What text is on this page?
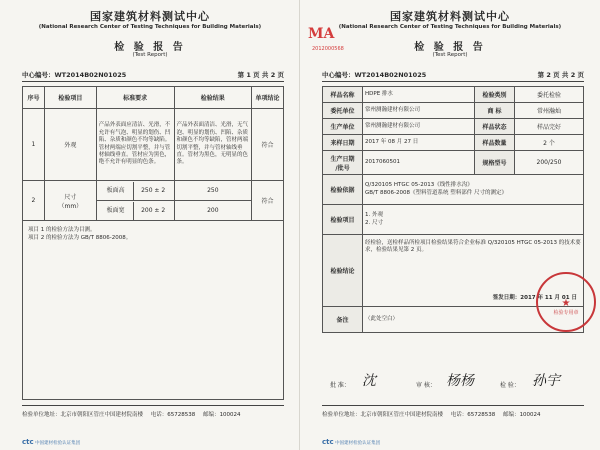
国家建筑材料测试中心
(National Research Center of Testing Techniques for Building Materials)
检 验 报 告
(Test Report)
中心编号：WT2014B02N01025	第 1 页 共 2 页
序号	检验项目	标准要求	检验结果	单项结论
1	外观	产品外表面应清洁、光滑，不允许有气泡、明显的划伤、凹陷、杂质和颜色不均等缺陷。管材两端应切割平整，并与管材轴线垂直。管材应为黑色，绝不允许有明显的色条。	产品外表面清洁、光滑，无气泡、明显的划伤、凹陷、杂质和颜色不均等缺陷，管材两端切割平整，并与管材轴线垂直。管材为黑色，无明显的色条。	符合
2	尺寸
（mm）	板面高 250 ± 2	250	符合
		板面宽 200 ± 2	200	
项目 1 的检验方法为目测。
项目 2 的检验方法为 GB/T 8806-2008。
检验单位地址：北京市朝阳区管庄中国建材院南楼 电话：65728538 邮编：100024
ctc 中国建材检验认证集团
MA
2012000568
国家建筑材料测试中心
(National Research Center of Testing Techniques for Building Materials)
检 验 报 告
(Test Report)
中心编号：WT2014B02N01025	第 2 页 共 2 页
样品名称	HDPE 排水	检验类别	委托检验
委托单位	常州测瀚建材有限公司	商 标	常州瀚灿
生产单位	常州测瀚建材有限公司	样品状态	样品完好
来样日期	2017 年 08 月 27 日	样品数量	2 个
生产日期
/批号	2017060501	规格型号	200/250
检验依据	Q/320105 HTGC 05-2013《线性排水沟》
GB/T 8806-2008《塑料管道系统 塑料部件 尺寸的测定》		
检验项目	1. 外观
2. 尺寸		
检验结论	经检验，送检样品所检项目检验结果符合企业标准 Q/320105 HTGC 05-2013 的技术要求，检验结果见第 2 页。
签发日期：2017 年 11 月 01 日		

备注	（此处空白）		
批 准：	审 核：	检 验：
沈	杨杨	孙宇
★
检验专用章
检验单位地址：北京市朝阳区管庄中国建材院南楼 电话：65728538 邮编：100024
ctc 中国建材检验认证集团
